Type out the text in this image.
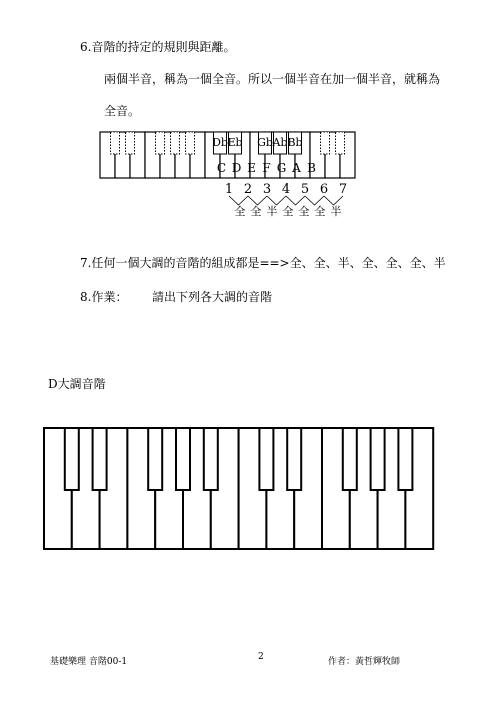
6.音階的持定的規則與距離。
兩個半音，稱為一個全音。所以一個半音在加一個半音，就稱為
全音。
Db Eb Gb Ab Bb
C D E F G A B
1 2 3 4 5 6 7
全 全 半 全 全 全 半
7.任何一個大調的音階的組成都是==>全、全、半、全、全、全、半
8.作業： 請出下列各大調的音階
D大調音階
基礎樂理 音階00-1	2	作者：黃哲輝牧師
